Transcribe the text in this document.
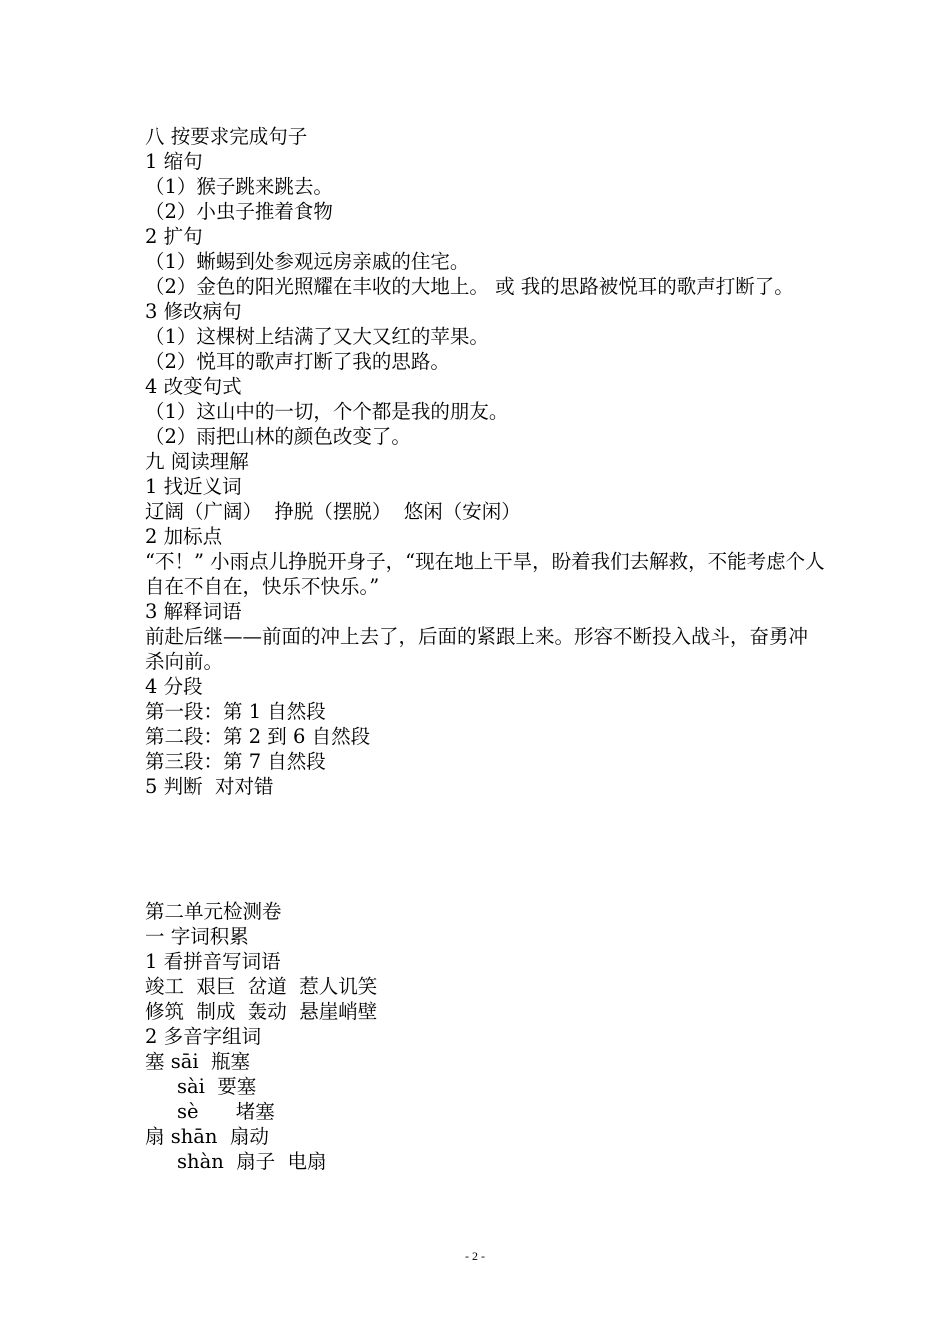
八 按要求完成句子
1 缩句
（1）猴子跳来跳去。
（2）小虫子推着食物
2 扩句
（1）蜥蜴到处参观远房亲戚的住宅。
（2）金色的阳光照耀在丰收的大地上。 或 我的思路被悦耳的歌声打断了。
3 修改病句
（1）这棵树上结满了又大又红的苹果。
（2）悦耳的歌声打断了我的思路。
4 改变句式
（1）这山中的一切，个个都是我的朋友。
（2）雨把山林的颜色改变了。
九 阅读理解
1 找近义词
辽阔（广阔）  挣脱（摆脱）  悠闲（安闲）
2 加标点
“不！” 小雨点儿挣脱开身子，“现在地上干旱，盼着我们去解救，不能考虑个人自在不自在，快乐不快乐。”
3 解释词语
前赴后继——前面的冲上去了，后面的紧跟上来。形容不断投入战斗，奋勇冲杀向前。
4 分段
第一段：第 1 自然段
第二段：第 2 到 6 自然段
第三段：第 7 自然段
5 判断  对对错
第二单元检测卷
一 字词积累
1 看拼音写词语
竣工  艰巨  岔道  惹人讥笑
修筑  制成  轰动  悬崖峭壁
2 多音字组词
塞 sāi  瓶塞
sài  要塞
sè      堵塞
扇 shān  扇动
shàn  扇子  电扇
- 2 -
